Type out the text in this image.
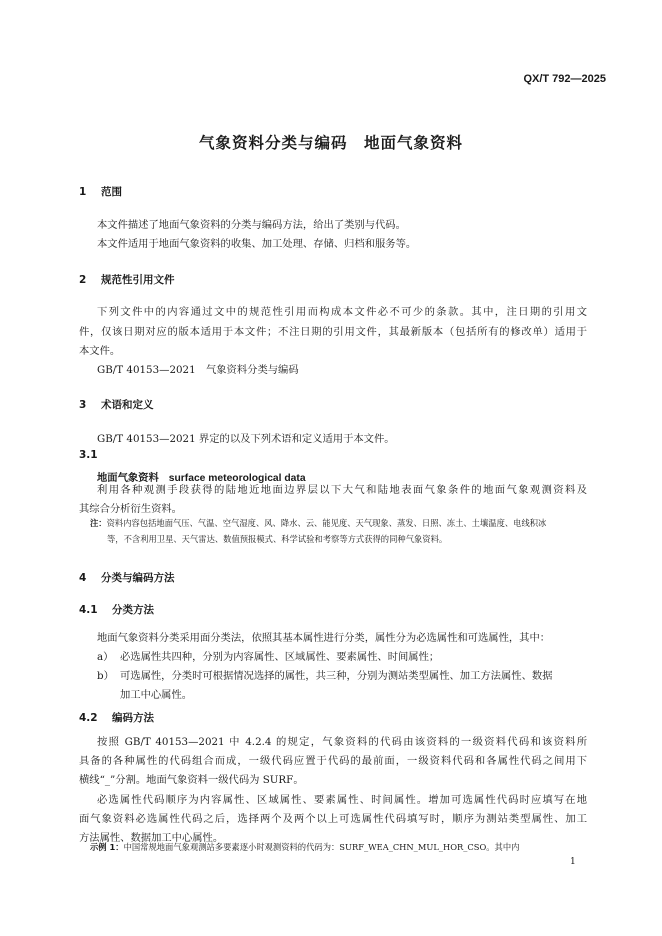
QX/T 792—2025
气象资料分类与编码　地面气象资料
1 范围
本文件描述了地面气象资料的分类与编码方法，给出了类别与代码。
本文件适用于地面气象资料的收集、加工处理、存储、归档和服务等。
2 规范性引用文件
下列文件中的内容通过文中的规范性引用而构成本文件必不可少的条款。其中，注日期的引用文
件，仅该日期对应的版本适用于本文件；不注日期的引用文件，其最新版本（包括所有的修改单）适用于
本文件。
GB/T 40153—2021　气象资料分类与编码
3 术语和定义
GB/T 40153—2021 界定的以及下列术语和定义适用于本文件。
3.1
地面气象资料 surface meteorological data
利用各种观测手段获得的陆地近地面边界层以下大气和陆地表面气象条件的地面气象观测资料及
其综合分析衍生资料。
注：资料内容包括地面气压、气温、空气湿度、风、降水、云、能见度、天气现象、蒸发、日照、冻土、土壤温度、电线积冰
等，不含利用卫星、天气雷达、数值预报模式、科学试验和考察等方式获得的同种气象资料。
4 分类与编码方法
4.1 分类方法
地面气象资料分类采用面分类法，依照其基本属性进行分类，属性分为必选属性和可选属性，其中：
a） 必选属性共四种，分别为内容属性、区域属性、要素属性、时间属性；
b） 可选属性，分类时可根据情况选择的属性，共三种，分别为测站类型属性、加工方法属性、数据
加工中心属性。
4.2 编码方法
按照 GB/T 40153—2021 中 4.2.4 的规定，气象资料的代码由该资料的一级资料代码和该资料所
具备的各种属性的代码组合而成，一级代码应置于代码的最前面，一级资料代码和各属性代码之间用下
横线“_”分割。地面气象资料一级代码为 SURF。
必选属性代码顺序为内容属性、区域属性、要素属性、时间属性。增加可选属性代码时应填写在地
面气象资料必选属性代码之后，选择两个及两个以上可选属性代码填写时，顺序为测站类型属性、加工
方法属性、数据加工中心属性。
示例 1：中国常规地面气象观测站多要素逐小时观测资料的代码为：SURF_WEA_CHN_MUL_HOR_CSO。其中内
1
